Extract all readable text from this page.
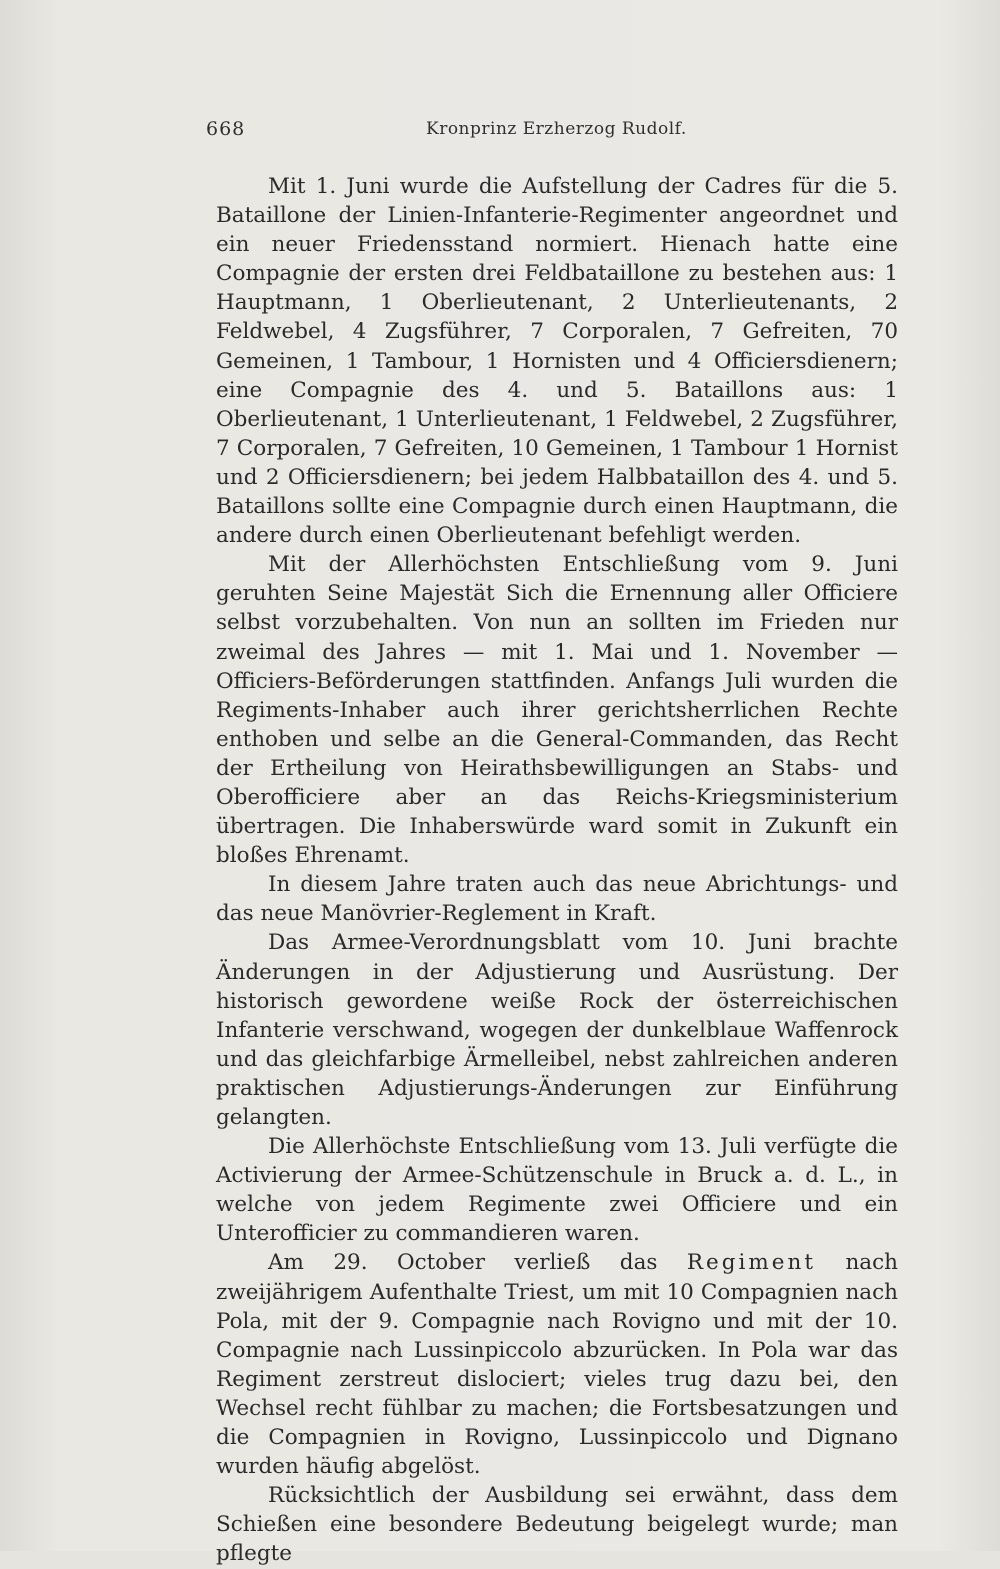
668	Kronprinz Erzherzog Rudolf.

Mit 1. Juni wurde die Aufstellung der Cadres für die 5. Bataillone der Linien-Infanterie-Regimenter angeordnet und ein neuer Friedensstand normiert. Hienach hatte eine Compagnie der ersten drei Feldbataillone zu bestehen aus: 1 Hauptmann, 1 Oberlieutenant, 2 Unterlieutenants, 2 Feldwebel, 4 Zugsführer, 7 Corporalen, 7 Gefreiten, 70 Gemeinen, 1 Tambour, 1 Hornisten und 4 Officiersdienern; eine Compagnie des 4. und 5. Bataillons aus: 1 Oberlieutenant, 1 Unterlieutenant, 1 Feldwebel, 2 Zugsführer, 7 Corporalen, 7 Gefreiten, 10 Gemeinen, 1 Tambour 1 Hornist und 2 Officiersdienern; bei jedem Halbbataillon des 4. und 5. Bataillons sollte eine Compagnie durch einen Hauptmann, die andere durch einen Oberlieutenant befehligt werden.

Mit der Allerhöchsten Entschließung vom 9. Juni geruhten Seine Majestät Sich die Ernennung aller Officiere selbst vorzubehalten. Von nun an sollten im Frieden nur zweimal des Jahres — mit 1. Mai und 1. November — Officiers-Beförderungen stattfinden. Anfangs Juli wurden die Regiments-Inhaber auch ihrer gerichtsherrlichen Rechte enthoben und selbe an die General-Commanden, das Recht der Ertheilung von Heirathsbewilligungen an Stabs- und Oberofficiere aber an das Reichs-Kriegsministerium übertragen. Die Inhaberswürde ward somit in Zukunft ein bloßes Ehrenamt.

In diesem Jahre traten auch das neue Abrichtungs- und das neue Manövrier-Reglement in Kraft.

Das Armee-Verordnungsblatt vom 10. Juni brachte Änderungen in der Adjustierung und Ausrüstung. Der historisch gewordene weiße Rock der österreichischen Infanterie verschwand, wogegen der dunkelblaue Waffenrock und das gleichfarbige Ärmelleibel, nebst zahlreichen anderen praktischen Adjustierungs-Änderungen zur Einführung gelangten.

Die Allerhöchste Entschließung vom 13. Juli verfügte die Activierung der Armee-Schützenschule in Bruck a. d. L., in welche von jedem Regimente zwei Officiere und ein Unterofficier zu commandieren waren.

Am 29. October verließ das Regiment nach zweijährigem Aufenthalte Triest, um mit 10 Compagnien nach Pola, mit der 9. Compagnie nach Rovigno und mit der 10. Compagnie nach Lussinpiccolo abzurücken. In Pola war das Regiment zerstreut dislociert; vieles trug dazu bei, den Wechsel recht fühlbar zu machen; die Fortsbesatzungen und die Compagnien in Rovigno, Lussinpiccolo und Dignano wurden häufig abgelöst.

Rücksichtlich der Ausbildung sei erwähnt, dass dem Schießen eine besondere Bedeutung beigelegt wurde; man pflegte
